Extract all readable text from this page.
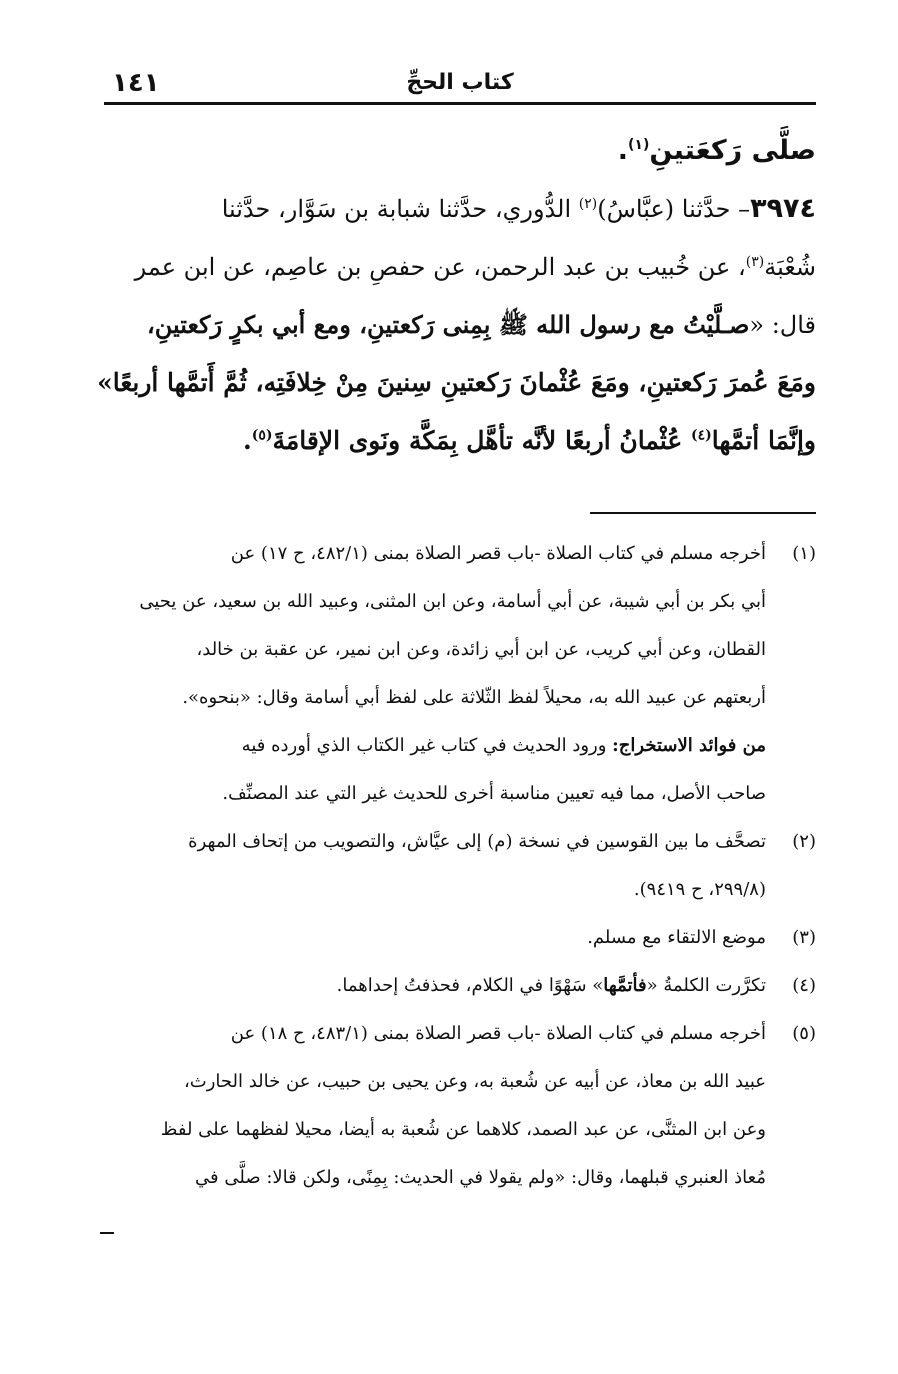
١٤١	كتاب الحجِّ
صلَّى رَكعَتينِ$^{(١)}$.
٣٩٧٤– حدَّثنا (عبَّاسُ)$^{(٢)}$ الدُّوري، حدَّثنا شبابة بن سَوَّار، حدَّثنا
شُعْبَة$^{(٣)}$، عن خُبيب بن عبد الرحمن، عن حفصِ بن عاصِم، عن ابن عمر
قال: «صـلَّيْتُ مع رسول الله ﷺ بِمِنى رَكعتينِ، ومع أبي بكرٍ رَكعتينِ،
ومَعَ عُمرَ رَكعتينِ، ومَعَ عُثْمانَ رَكعتينِ سِنينَ مِنْ خِلافَتِه، ثُمَّ أَتمَّها أربعًا»
وإنَّمَا أتمَّها$^{(٤)}$ عُثْمانُ أربعًا لأنَّه تأهَّل بِمَكَّة ونَوى الإقامَةَ$^{(٥)}$.
(١)أخرجه مسلم في كتاب الصلاة -باب قصر الصلاة بمنى (٤٨٢/١، ح ١٧) عن
أبي بكر بن أبي شيبة، عن أبي أسامة، وعن ابن المثنى، وعبيد الله بن سعيد، عن يحيى
القطان، وعن أبي كريب، عن ابن أبي زائدة، وعن ابن نمير، عن عقبة بن خالد،
أربعتهم عن عبيد الله به، محيلاً لفظ الثّلاثة على لفظ أبي أسامة وقال: «بنحوه».
من فوائد الاستخراج: ورود الحديث في كتاب غير الكتاب الذي أورده فيه
صاحب الأصل، مما فيه تعيين مناسبة أخرى للحديث غير التي عند المصنِّف.
(٢)تصحَّف ما بين القوسين في نسخة (م) إلى عيَّاش، والتصويب من إتحاف المهرة
(٢٩٩/٨، ح ٩٤١٩).
(٣)موضع الالتقاء مع مسلم.
(٤)تكرَّرت الكلمةُ «فأتمَّها» سَهْوًا في الكلام، فحذفتُ إحداهما.
(٥)أخرجه مسلم في كتاب الصلاة -باب قصر الصلاة بمنى (٤٨٣/١، ح ١٨) عن
عبيد الله بن معاذ، عن أبيه عن شُعبة به، وعن يحيى بن حبيب، عن خالد الحارث،
وعن ابن المثنَّى، عن عبد الصمد، كلاهما عن شُعبة به أيضا، محيلا لفظهما على لفظ
مُعاذ العنبري قبلهما، وقال: «ولم يقولا في الحديث: بِمِنًى، ولكن قالا: صلَّى في
